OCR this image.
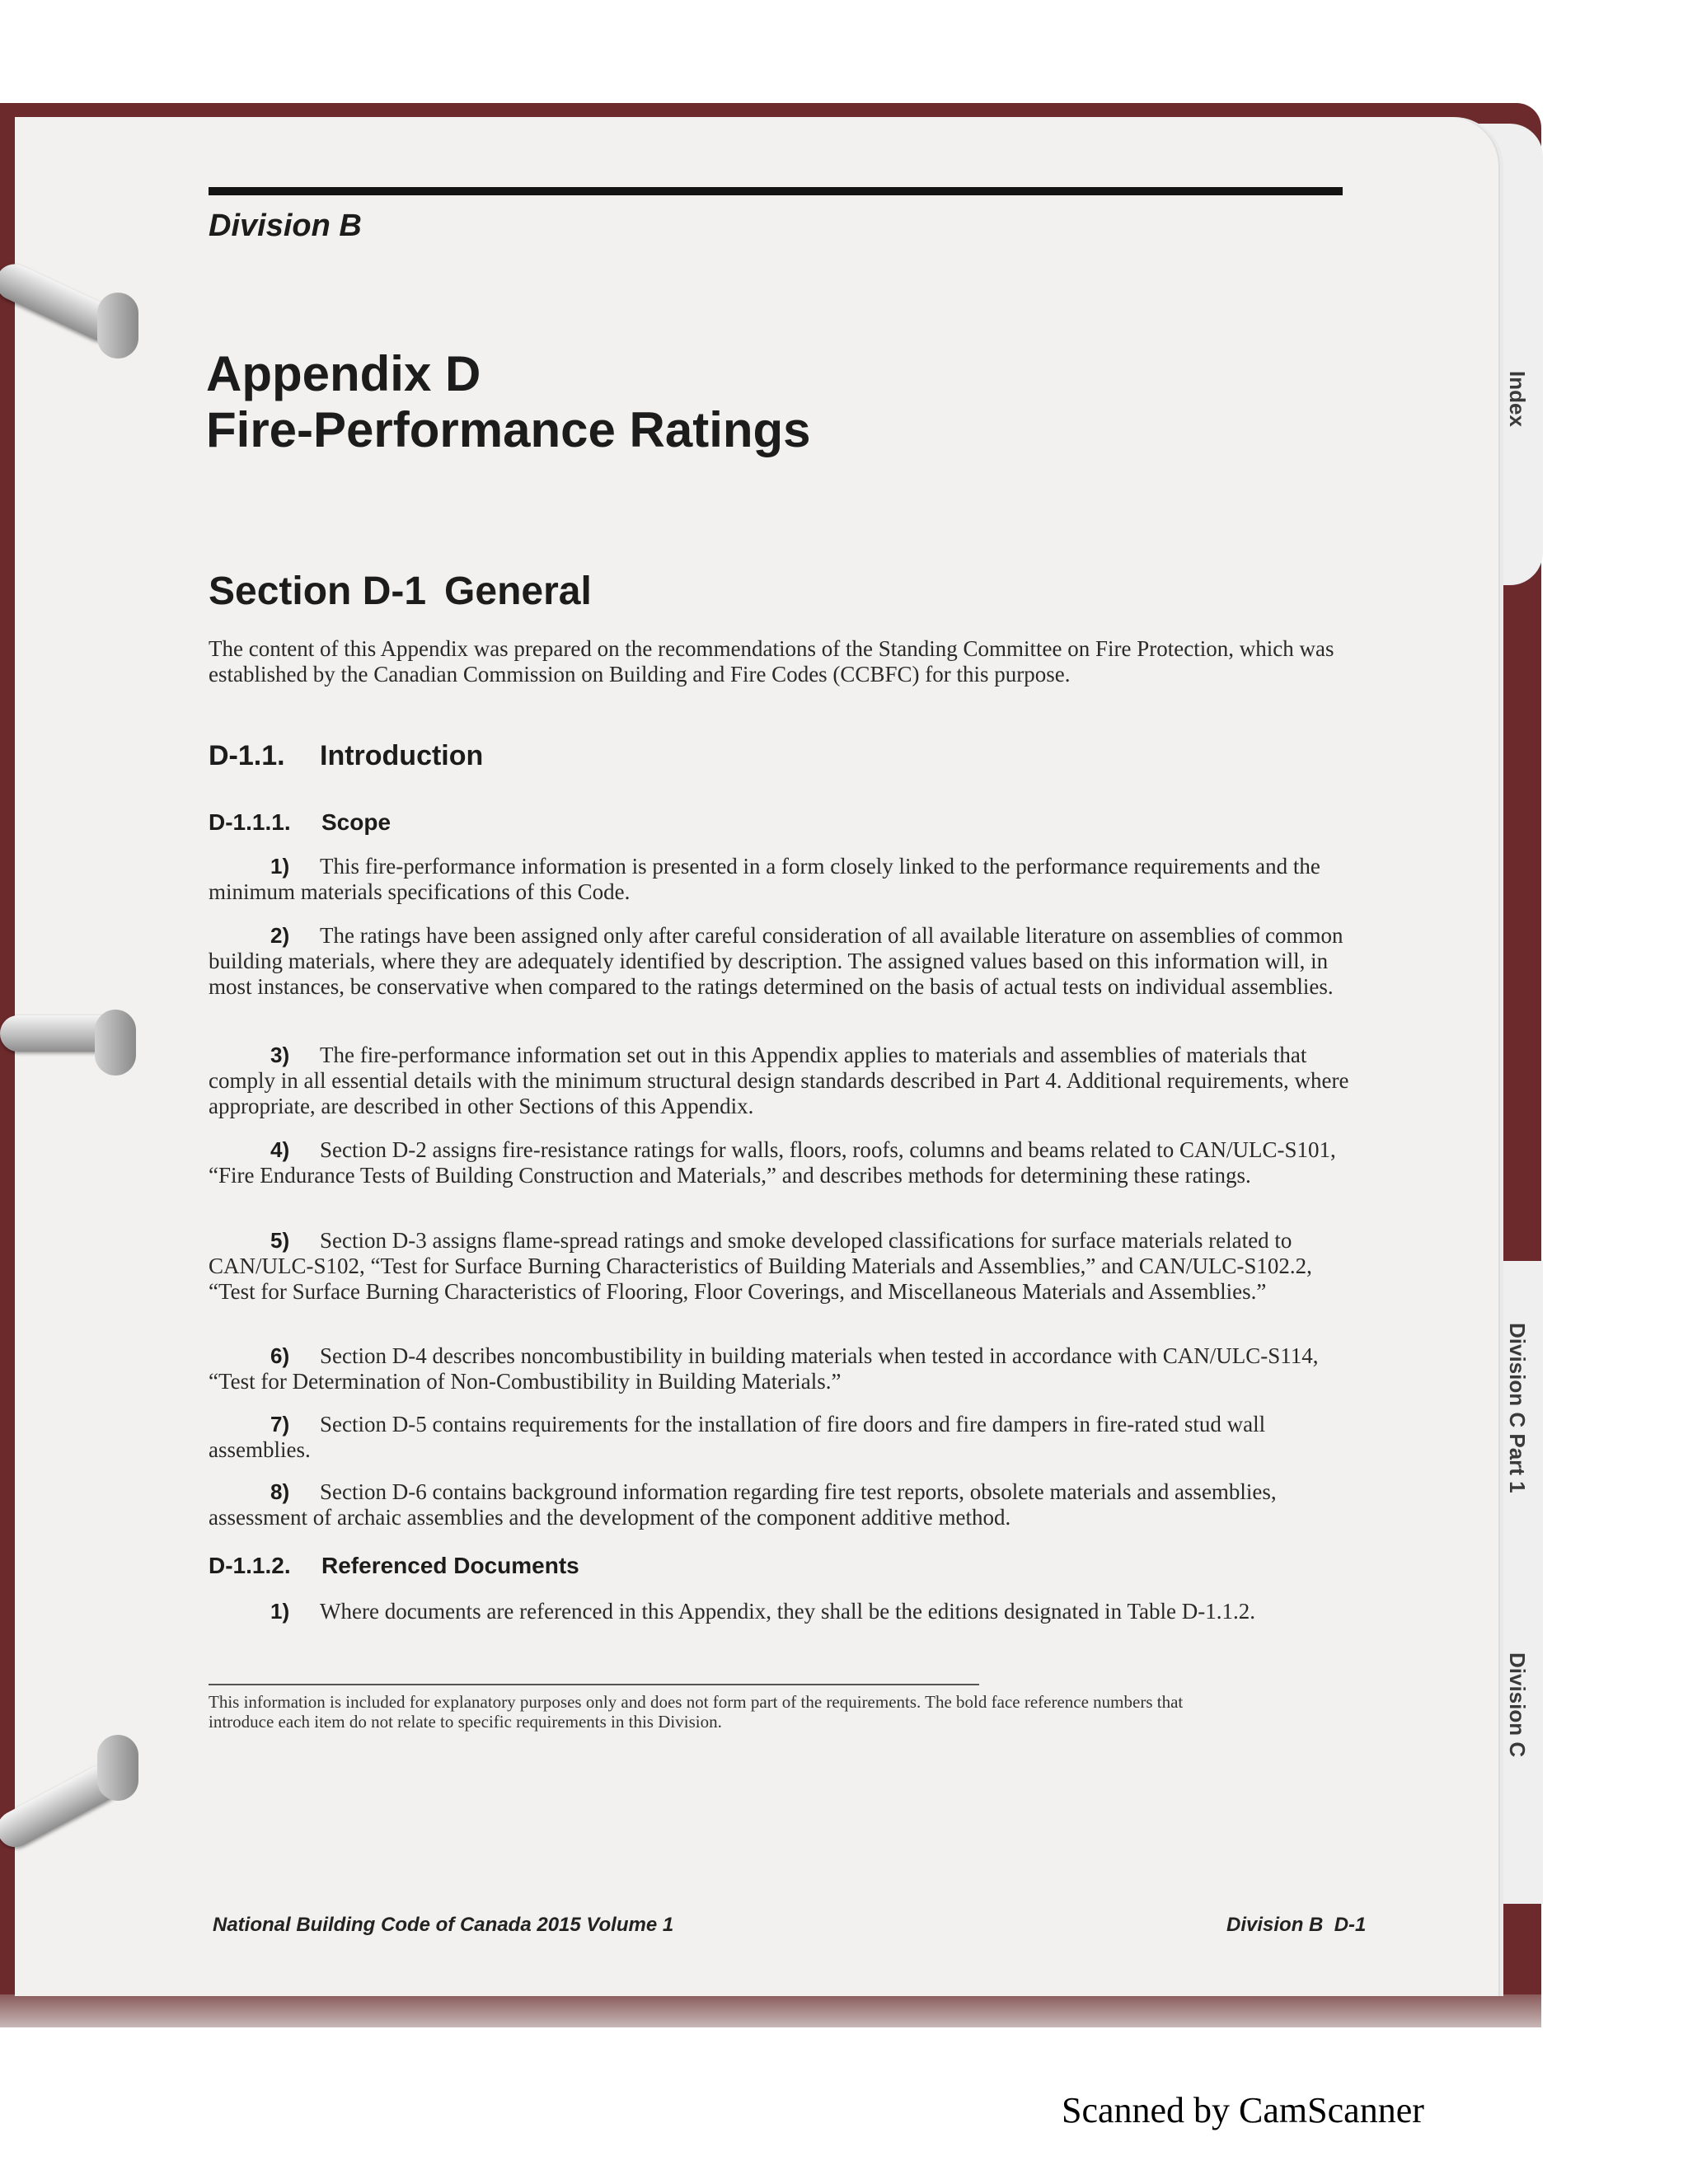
Index
Division C Part 1
Division C

Division B

Appendix D
Fire-Performance Ratings
Section D-1 General

The content of this Appendix was prepared on the recommendations of the Standing Committee on Fire Protection, which was established by the Canadian Commission on Building and Fire Codes (CCBFC) for this purpose.

D-1.1. Introduction
D-1.1.1. Scope

1) This fire-performance information is presented in a form closely linked to the performance requirements and the minimum materials specifications of this Code.

2) The ratings have been assigned only after careful consideration of all available literature on assemblies of common building materials, where they are adequately identified by description. The assigned values based on this information will, in most instances, be conservative when compared to the ratings determined on the basis of actual tests on individual assemblies.

3) The fire-performance information set out in this Appendix applies to materials and assemblies of materials that comply in all essential details with the minimum structural design standards described in Part 4. Additional requirements, where appropriate, are described in other Sections of this Appendix.

4) Section D-2 assigns fire-resistance ratings for walls, floors, roofs, columns and beams related to CAN/ULC-S101, “Fire Endurance Tests of Building Construction and Materials,” and describes methods for determining these ratings.

5) Section D-3 assigns flame-spread ratings and smoke developed classifications for surface materials related to CAN/ULC-S102, “Test for Surface Burning Characteristics of Building Materials and Assemblies,” and CAN/ULC-S102.2, “Test for Surface Burning Characteristics of Flooring, Floor Coverings, and Miscellaneous Materials and Assemblies.”

6) Section D-4 describes noncombustibility in building materials when tested in accordance with CAN/ULC-S114, “Test for Determination of Non-Combustibility in Building Materials.”

7) Section D-5 contains requirements for the installation of fire doors and fire dampers in fire-rated stud wall assemblies.

8) Section D-6 contains background information regarding fire test reports, obsolete materials and assemblies, assessment of archaic assemblies and the development of the component additive method.

D-1.1.2. Referenced Documents

1) Where documents are referenced in this Appendix, they shall be the editions designated in Table D-1.1.2.

This information is included for explanatory purposes only and does not form part of the requirements. The bold face reference numbers that introduce each item do not relate to specific requirements in this Division.

National Building Code of Canada 2015 Volume 1	Division B  D-1

Scanned by CamScanner
